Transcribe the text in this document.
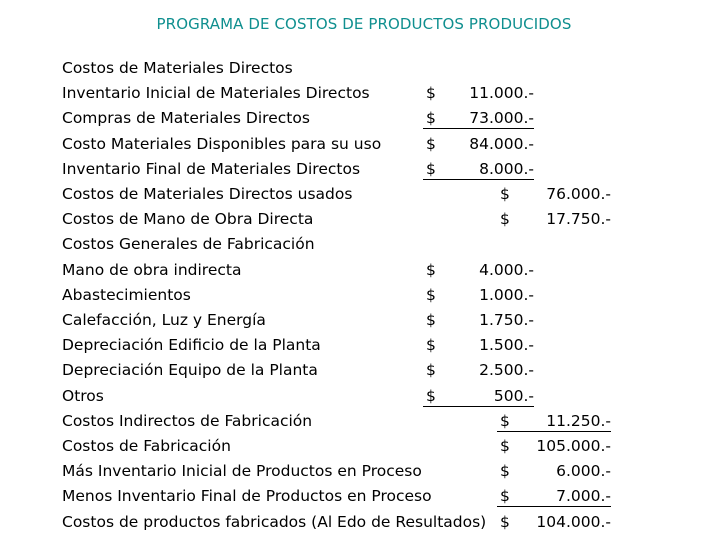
PROGRAMA DE COSTOS DE PRODUCTOS PRODUCIDOS
Costos de Materiales Directos
Inventario Inicial de Materiales Directos	$ 11.000.-
Compras de Materiales Directos	$ 73.000.-
Costo Materiales Disponibles para su uso	$ 84.000.-
Inventario Final de Materiales Directos	$	8.000.-
Costos de Materiales Directos usados	$ 76.000.-
Costos de Mano de Obra Directa	$ 17.750.-
Costos Generales de Fabricación
Mano de obra indirecta	$	4.000.-
Abastecimientos	$	1.000.-
Calefacción, Luz y Energía	$	1.750.-
Depreciación Edificio de la Planta	$	1.500.-
Depreciación Equipo de la Planta	$	2.500.-
Otros	$	500.-
Costos Indirectos de Fabricación	$ 11.250.-
Costos de Fabricación	$ 105.000.-
Más Inventario Inicial de Productos en Proceso	$	6.000.-
Menos Inventario Final de Productos en Proceso	$	7.000.-
Costos de productos fabricados (Al Edo de Resultados) $ 104.000.-
